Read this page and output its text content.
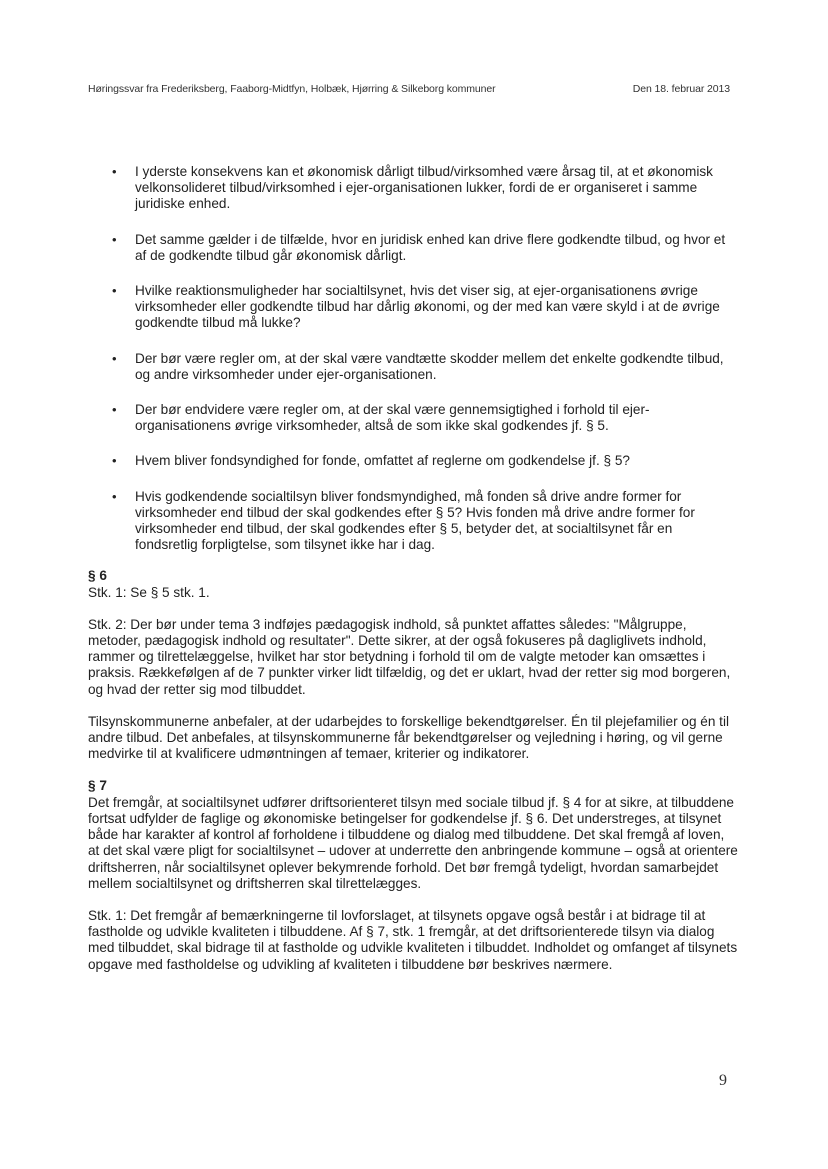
Høringssvar fra Frederiksberg, Faaborg-Midtfyn, Holbæk, Hjørring & Silkeborg kommuner	Den 18. februar 2013
• I yderste konsekvens kan et økonomisk dårligt tilbud/virksomhed være årsag til, at et økonomisk velkonsolideret tilbud/virksomhed i ejer-organisationen lukker, fordi de er organiseret i samme juridiske enhed.
• Det samme gælder i de tilfælde, hvor en juridisk enhed kan drive flere godkendte tilbud, og hvor et af de godkendte tilbud går økonomisk dårligt.
• Hvilke reaktionsmuligheder har socialtilsynet, hvis det viser sig, at ejer-organisationens øvrige virksomheder eller godkendte tilbud har dårlig økonomi, og der med kan være skyld i at de øvrige godkendte tilbud må lukke?
• Der bør være regler om, at der skal være vandtætte skodder mellem det enkelte godkendte tilbud, og andre virksomheder under ejer-organisationen.
• Der bør endvidere være regler om, at der skal være gennemsigtighed i forhold til ejer-organisationens øvrige virksomheder, altså de som ikke skal godkendes jf. § 5.
• Hvem bliver fondsyndighed for fonde, omfattet af reglerne om godkendelse jf. § 5?
• Hvis godkendende socialtilsyn bliver fondsmyndighed, må fonden så drive andre former for virksomheder end tilbud der skal godkendes efter § 5? Hvis fonden må drive andre former for virksomheder end tilbud, der skal godkendes efter § 5, betyder det, at socialtilsynet får en fondsretlig forpligtelse, som tilsynet ikke har i dag.

§ 6

Stk. 1: Se § 5 stk. 1.

Stk. 2: Der bør under tema 3 indføjes pædagogisk indhold, så punktet affattes således: "Målgruppe, metoder, pædagogisk indhold og resultater". Dette sikrer, at der også fokuseres på dagliglivets indhold, rammer og tilrettelæggelse, hvilket har stor betydning i forhold til om de valgte metoder kan omsættes i praksis. Rækkefølgen af de 7 punkter virker lidt tilfældig, og det er uklart, hvad der retter sig mod borgeren, og hvad der retter sig mod tilbuddet.

Tilsynskommunerne anbefaler, at der udarbejdes to forskellige bekendtgørelser. Én til plejefamilier og én til andre tilbud. Det anbefales, at tilsynskommunerne får bekendtgørelser og vejledning i høring, og vil gerne medvirke til at kvalificere udmøntningen af temaer, kriterier og indikatorer.

§ 7

Det fremgår, at socialtilsynet udfører driftsorienteret tilsyn med sociale tilbud jf. § 4 for at sikre, at tilbuddene fortsat udfylder de faglige og økonomiske betingelser for godkendelse jf. § 6. Det understreges, at tilsynet både har karakter af kontrol af forholdene i tilbuddene og dialog med tilbuddene. Det skal fremgå af loven, at det skal være pligt for socialtilsynet – udover at underrette den anbringende kommune – også at orientere driftsherren, når socialtilsynet oplever bekymrende forhold. Det bør fremgå tydeligt, hvordan samarbejdet mellem socialtilsynet og driftsherren skal tilrettelægges.

Stk. 1: Det fremgår af bemærkningerne til lovforslaget, at tilsynets opgave også består i at bidrage til at fastholde og udvikle kvaliteten i tilbuddene. Af § 7, stk. 1 fremgår, at det driftsorienterede tilsyn via dialog med tilbuddet, skal bidrage til at fastholde og udvikle kvaliteten i tilbuddet. Indholdet og omfanget af tilsynets opgave med fastholdelse og udvikling af kvaliteten i tilbuddene bør beskrives nærmere.

9
